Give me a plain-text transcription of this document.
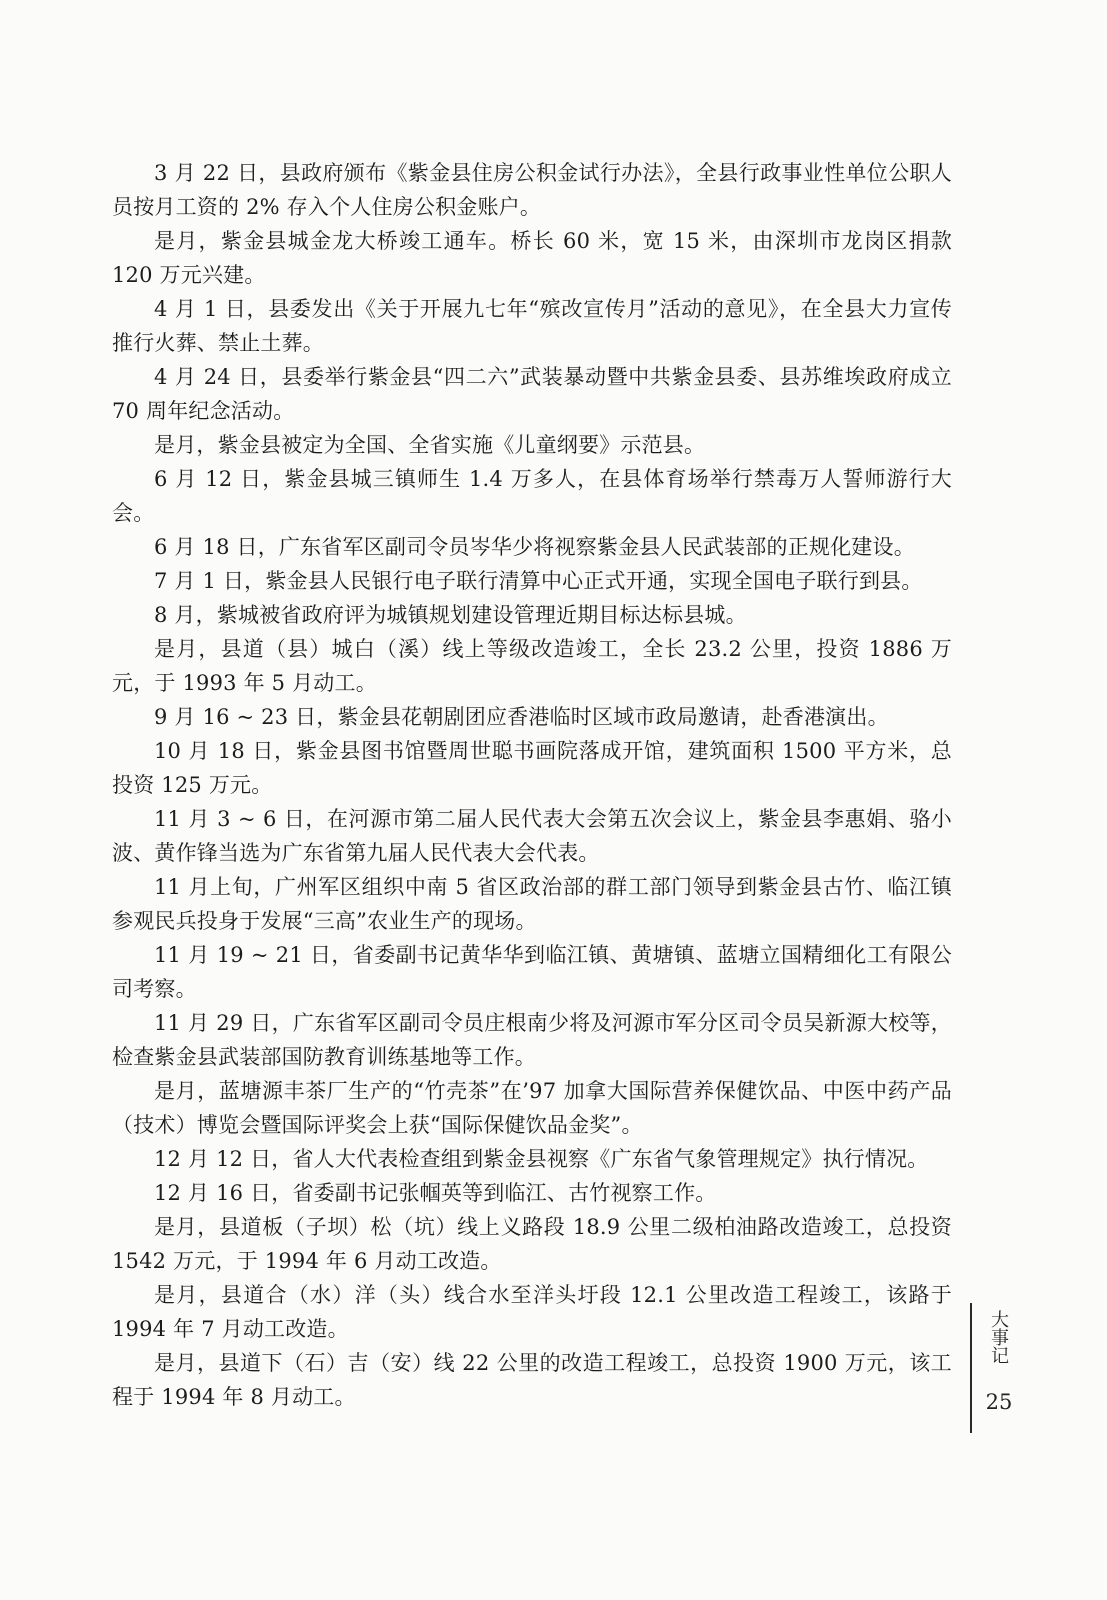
3 月 22 日，县政府颁布《紫金县住房公积金试行办法》，全县行政事业性单位公职人员按月工资的 2% 存入个人住房公积金账户。

是月，紫金县城金龙大桥竣工通车。桥长 60 米，宽 15 米，由深圳市龙岗区捐款 120 万元兴建。

4 月 1 日，县委发出《关于开展九七年“殡改宣传月”活动的意见》，在全县大力宣传推行火葬、禁止土葬。

4 月 24 日，县委举行紫金县“四二六”武装暴动暨中共紫金县委、县苏维埃政府成立 70 周年纪念活动。

是月，紫金县被定为全国、全省实施《儿童纲要》示范县。

6 月 12 日，紫金县城三镇师生 1.4 万多人，在县体育场举行禁毒万人誓师游行大会。

6 月 18 日，广东省军区副司令员岑华少将视察紫金县人民武装部的正规化建设。

7 月 1 日，紫金县人民银行电子联行清算中心正式开通，实现全国电子联行到县。

8 月，紫城被省政府评为城镇规划建设管理近期目标达标县城。

是月，县道（县）城白（溪）线上等级改造竣工，全长 23.2 公里，投资 1886 万元，于 1993 年 5 月动工。

9 月 16 ~ 23 日，紫金县花朝剧团应香港临时区域市政局邀请，赴香港演出。

10 月 18 日，紫金县图书馆暨周世聪书画院落成开馆，建筑面积 1500 平方米，总投资 125 万元。

11 月 3 ~ 6 日，在河源市第二届人民代表大会第五次会议上，紫金县李惠娟、骆小波、黄作锋当选为广东省第九届人民代表大会代表。

11 月上旬，广州军区组织中南 5 省区政治部的群工部门领导到紫金县古竹、临江镇参观民兵投身于发展“三高”农业生产的现场。

11 月 19 ~ 21 日，省委副书记黄华华到临江镇、黄塘镇、蓝塘立国精细化工有限公司考察。

11 月 29 日，广东省军区副司令员庄根南少将及河源市军分区司令员吴新源大校等，检查紫金县武装部国防教育训练基地等工作。

是月，蓝塘源丰茶厂生产的“竹壳茶”在’97 加拿大国际营养保健饮品、中医中药产品（技术）博览会暨国际评奖会上获“国际保健饮品金奖”。

12 月 12 日，省人大代表检查组到紫金县视察《广东省气象管理规定》执行情况。

12 月 16 日，省委副书记张帼英等到临江、古竹视察工作。

是月，县道板（子坝）松（坑）线上义路段 18.9 公里二级柏油路改造竣工，总投资 1542 万元，于 1994 年 6 月动工改造。

是月，县道合（水）洋（头）线合水至洋头圩段 12.1 公里改造工程竣工，该路于 1994 年 7 月动工改造。

是月，县道下（石）吉（安）线 22 公里的改造工程竣工，总投资 1900 万元，该工程于 1994 年 8 月动工。

大事记
25
